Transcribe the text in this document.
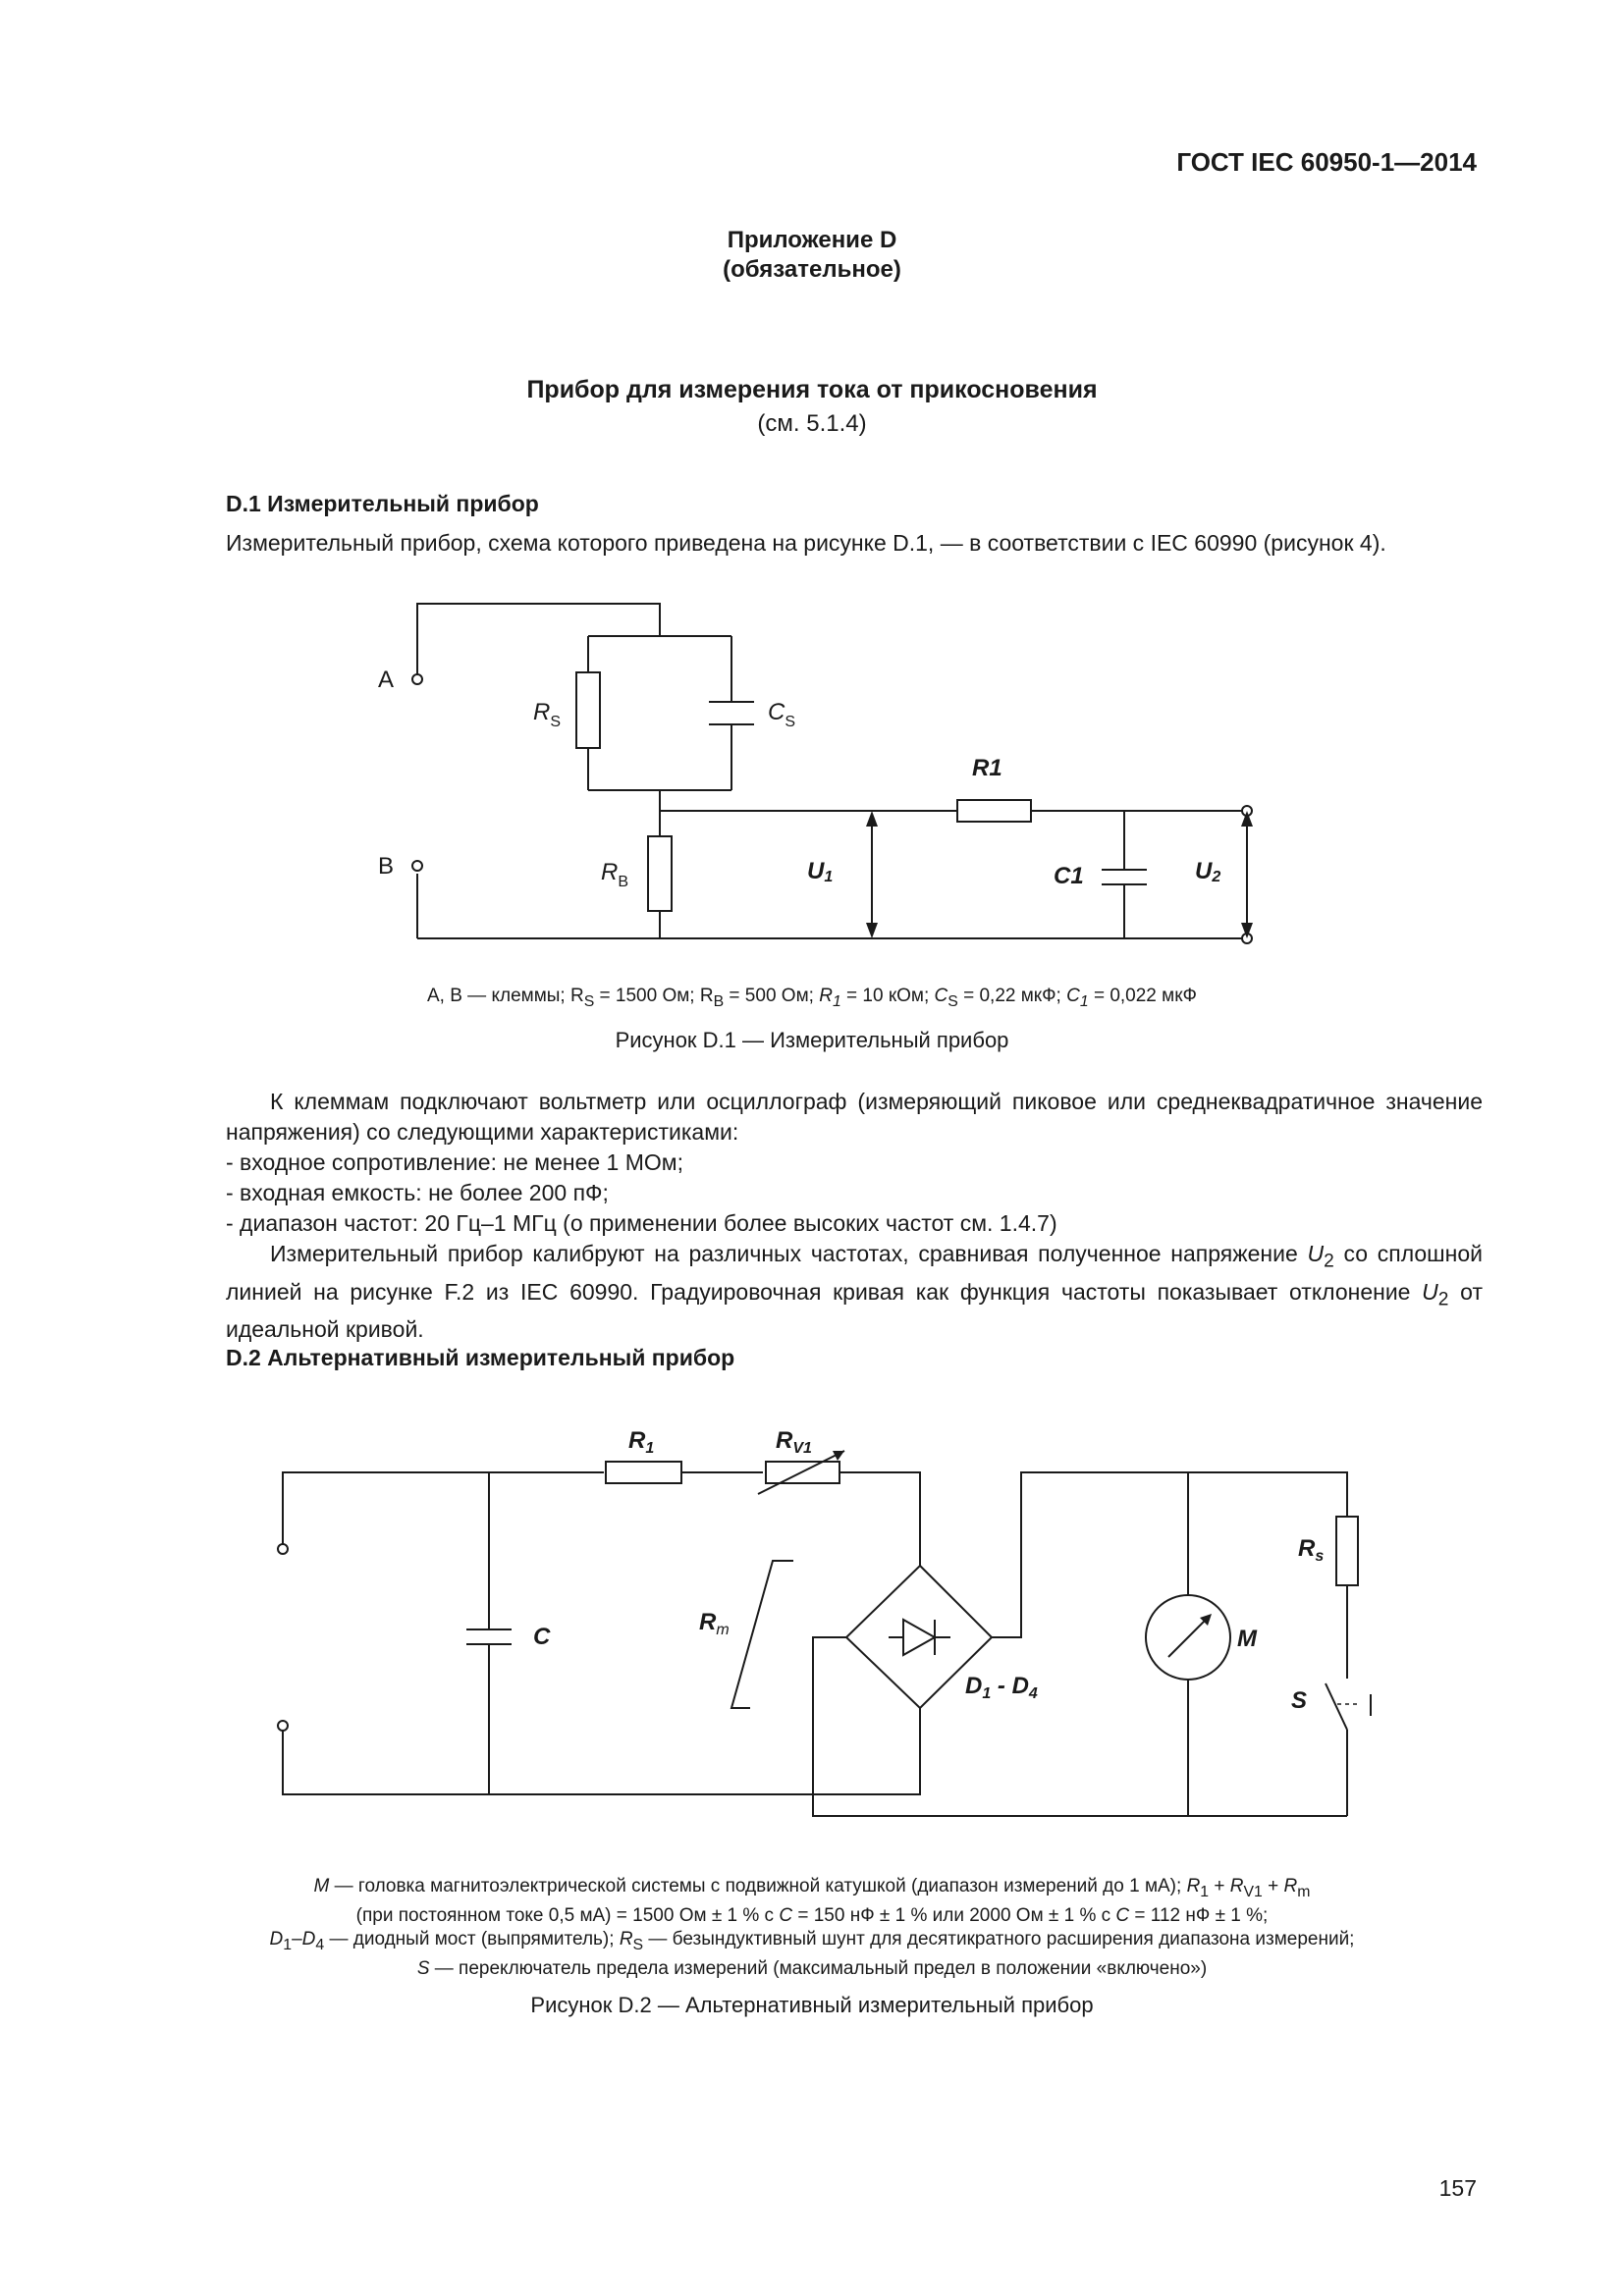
ГОСТ IEC 60950-1—2014
Приложение D
(обязательное)
Прибор для измерения тока от прикосновения
(см. 5.1.4)
D.1 Измерительный прибор
Измерительный прибор, схема которого приведена на рисунке D.1, — в соответствии с IEC 60990 (рисунок 4).
A
B
$R_S$	$C_S$
$R_B$
R1
C1
U1	U2
А, В — клеммы; $R_S = 1500$ Ом; $R_B = 500$ Ом; $R_1 = 10$ кОм; $C_S = 0,22$ мкФ; $C_1 = 0,022$ мкФ
Рисунок D.1 — Измерительный прибор
К клеммам подключают вольтметр или осциллограф (измеряющий пиковое или среднеквадратичное значение напряжения) со следующими характеристиками:
- входное сопротивление: не менее 1 МОм;
- входная емкость: не более 200 пФ;
- диапазон частот: 20 Гц–1 МГц (о применении более высоких частот см. 1.4.7)
Измерительный прибор калибруют на различных частотах, сравнивая полученное напряжение $U_2$ со сплошной линией на рисунке F.2 из IEC 60990. Градуировочная кривая как функция частоты показывает отклонение $U_2$ от идеальной кривой.
D.2 Альтернативный измерительный прибор
$R_1$	$R_{V1}$
C
$R_m$
$D_1 - D_4$
M
$R_s$
S
M — головка магнитоэлектрической системы с подвижной катушкой (диапазон измерений до 1 мА); $R_1 + R_{V1} + R_m$
(при постоянном токе 0,5 мА) = 1500 Ом ± 1 % с C = 150 нФ ± 1 % или 2000 Ом ± 1 % с C = 112 нФ ± 1 %;
$D_1-D_4$ — диодный мост (выпрямитель); $R_S$ — безындуктивный шунт для десятикратного расширения диапазона измерений;
S — переключатель предела измерений (максимальный предел в положении «включено»)
Рисунок D.2 — Альтернативный измерительный прибор
157
